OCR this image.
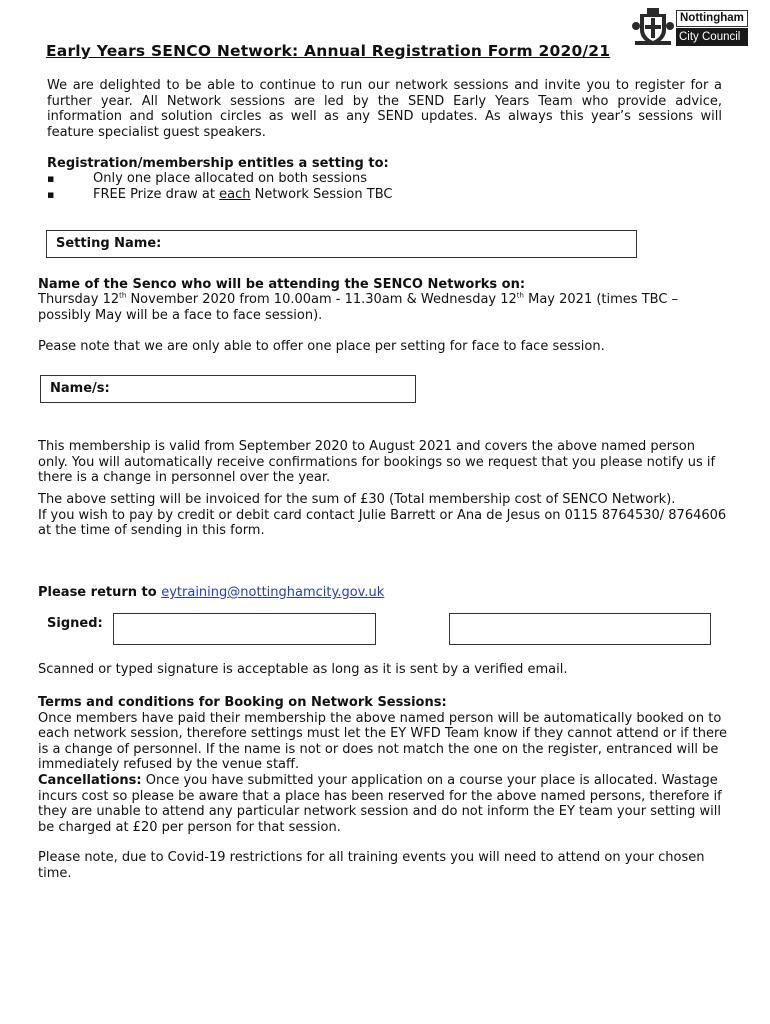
Nottingham
City Council
Early Years SENCO Network: Annual Registration Form 2020/21
We are delighted to be able to continue to run our network sessions and invite you to register for a further year. All Network sessions are led by the SEND Early Years Team who provide advice, information and solution circles as well as any SEND updates. As always this year’s sessions will feature specialist guest speakers.
Registration/membership entitles a setting to:
▪ Only one place allocated on both sessions
▪ FREE Prize draw at each Network Session TBC
Setting Name:
Name of the Senco who will be attending the SENCO Networks on:
Thursday 12th November 2020 from 10.00am - 11.30am & Wednesday 12th May 2021 (times TBC – possibly May will be a face to face session).
Pease note that we are only able to offer one place per setting for face to face session.
Name/s:
This membership is valid from September 2020 to August 2021 and covers the above named person only. You will automatically receive confirmations for bookings so we request that you please notify us if there is a change in personnel over the year.
The above setting will be invoiced for the sum of £30 (Total membership cost of SENCO Network).
If you wish to pay by credit or debit card contact Julie Barrett or Ana de Jesus on 0115 8764530/ 8764606 at the time of sending in this form.
Please return to eytraining@nottinghamcity.gov.uk
Signed:
Scanned or typed signature is acceptable as long as it is sent by a verified email.
Terms and conditions for Booking on Network Sessions:
Once members have paid their membership the above named person will be automatically booked on to each network session, therefore settings must let the EY WFD Team know if they cannot attend or if there is a change of personnel. If the name is not or does not match the one on the register, entranced will be immediately refused by the venue staff.
Cancellations: Once you have submitted your application on a course your place is allocated. Wastage incurs cost so please be aware that a place has been reserved for the above named persons, therefore if they are unable to attend any particular network session and do not inform the EY team your setting will be charged at £20 per person for that session.
Please note, due to Covid-19 restrictions for all training events you will need to attend on your chosen time.
